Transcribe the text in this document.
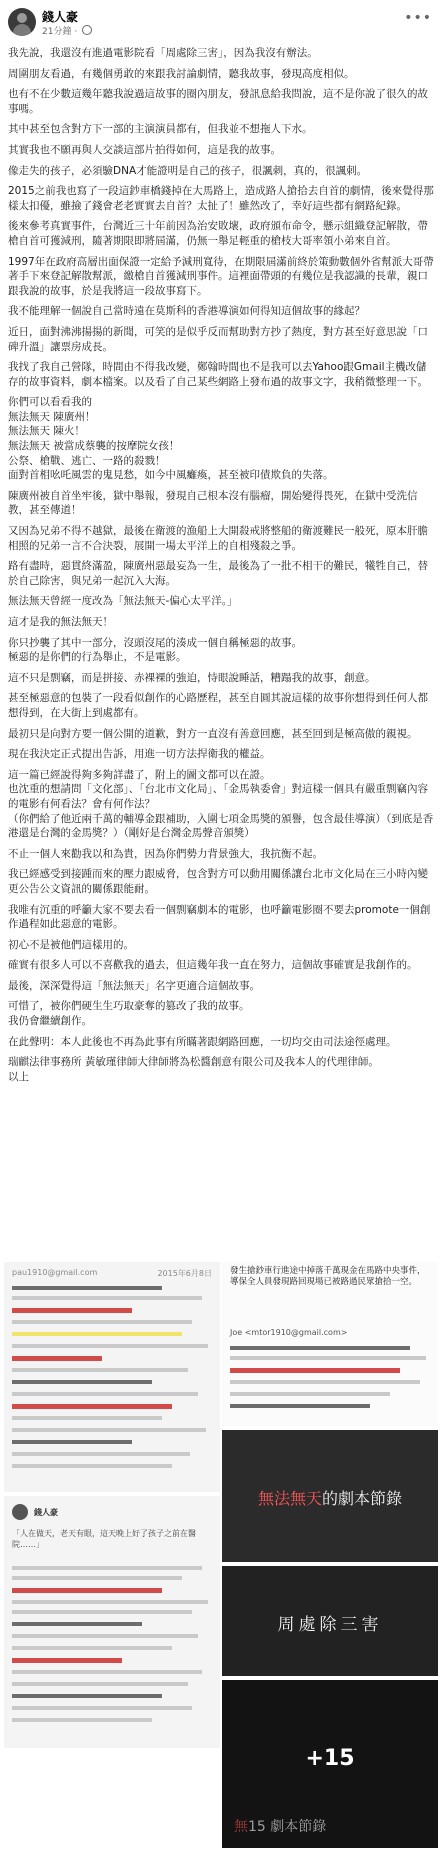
錢人豪
21分鐘 ·
•••

我先說，我還沒有進過電影院看「周處除三害」，因為我沒有辦法。

周圍朋友看過，有幾個勇敢的來跟我討論劇情，聽我故事，發現高度相似。

也有不在少數這幾年聽我說過這故事的圈內朋友，發訊息給我問說，這不是你說了很久的故事嗎。

其中甚至包含對方下一部的主演演員都有，但我並不想拖人下水。

其實我也不願再與人交談這部片拍得如何，這是我的故事。

像走失的孩子，必須驗DNA才能證明是自己的孩子，很諷刺，真的，很諷刺。

2015之前我也寫了一段這鈔車橋錢掉在大馬路上，造成路人搶拾去自首的劇情，後來覺得那樣太扣優，雖撿了錢會老老實實去自首？太扯了！雖然改了，幸好這些都有網路紀錄。

後來參考真實事件，台灣近三十年前因為治安敗壞，政府頒布命令，懸示組織登記解散，帶槍自首可獲減刑，隨著期限即將屆滿，仍無一舉足輕重的槍枝大哥率領小弟來自首。

1997年在政府高層出面保證一定給予減刑寬待，在期限屆滿前終於策動數個外省幫派大哥帶著手下來登記解散幫派，繳槍自首獲減刑事件。這裡面帶頭的有幾位是我認識的長輩，親口跟我說的故事，於是我將這一段故事寫下。

我不能理解一個說自己當時遠在莫斯科的香港導演如何得知這個故事的緣起？

近日，面對沸沸揚揚的新聞，可笑的是似乎反而幫助對方抄了熱度，對方甚至好意思說「口碑升溫」讓票房成長。

我找了我自己營隊，時間由不得我改變，鄭翰時間也不是我可以去Yahoo跟Gmail主機改儲存的故事資料，劇本檔案。以及看了自己某些網路上發布過的故事文字，我稍微整理一下。

你們可以看看我的
無法無天 陳廣州！
無法無天 陳火！
無法無天 被當成蔡襲的按摩院女孩！
公祭、槍戰、逃亡、一路的殺戮！
面對首相吆吒風雲的鬼見愁，如今中風癱瘓，甚至被印債欺負的失落。

陳廣州被自首坐牢後，獄中舉報，發現自己根本沒有腦瘤，開始變得畏死，在獄中受洗信教，甚至傳道！

又因為兄弟不得不越獄，最後在衛渡的漁船上大開殺戒將整船的衛渡難民一般死，原本肝膽相照的兄弟一言不合決裂，展開一場太平洋上的自相殘殺之爭。

路有盡時，惡貫終滿盈，陳廣州惡最妄為一生，最後為了一批不相干的難民，犧牲自己，替於自己除害，與兄弟一起沉入大海。

無法無天曾經一度改為「無法無天-偏心太平洋。」

這才是我的無法無天！

你只抄襲了其中一部分，沒頭沒尾的湊成一個自稱極惡的故事。
極惡的是你們的行為舉止，不是電影。

這不只是剽竊，而是拼接、赤裸裸的強迫，恃眼說睡話，糟蹋我的故事，創意。

甚至極惡意的包裝了一段看似創作的心路歷程，甚至自圓其說這樣的故事你想得到任何人都想得到，在大街上到處都有。

最初只是向對方要一個公開的道歉，對方一直沒有善意回應，甚至回到是極高傲的親視。

現在我決定正式提出告訴，用進一切方法捍衛我的權益。

這一篇已經說得夠多夠詳盡了，附上的圖文都可以在證。
也沈重的想請問「文化部」、「台北市文化局」、「金馬執委會」對這樣一個具有嚴重剽竊內容的電影有何看法？會有何作法？
（你們給了他近兩千萬的輔導金跟補助，入圍七項金馬獎的頒譽，包含最佳導演）（到底是香港還是台灣的金馬獎？）（剛好是台灣金馬聲音頒獎）

不止一個人來勸我以和為貴，因為你們勢力背景強大，我抗衡不起。

我已經感受到接踵而來的壓力跟威脅，包含對方可以動用關係讓台北市文化局在三小時內變更公告公文資訊的關係跟能耐。

我唯有沉重的呼籲大家不要去看一個剽竊劇本的電影，也呼籲電影圈不要去promote一個創作過程如此惡意的電影。

初心不是被他們這樣用的。

確實有很多人可以不喜歡我的過去，但這幾年我一直在努力，這個故事確實是我創作的。

最後，深深覺得這「無法無天」名字更適合這個故事。

可惜了，被你們硬生生巧取豪奪的篡改了我的故事。
我仍會繼續創作。

在此聲明：本人此後也不再為此事有所瞞著跟網路回應，一切均交由司法途徑處理。

瑞麒法律事務所 黃敏瑾律師大律師將為松醬創意有限公司及我本人的代理律師。
以上

pau1910@gmail.com	2015年6月8日 發生搶鈔車行進途中掉落千萬現金在馬路中央事件，導保全人員發現路回現場已被路過民眾搶拾一空。
Joe <mtor1910@gmail.com>
無法無天的劇本節錄
錢人豪
「人在做天，老天有眼，這天晚上好了孩子之前在醫院……」
周處除三害
無15 劇本節錄
+15
